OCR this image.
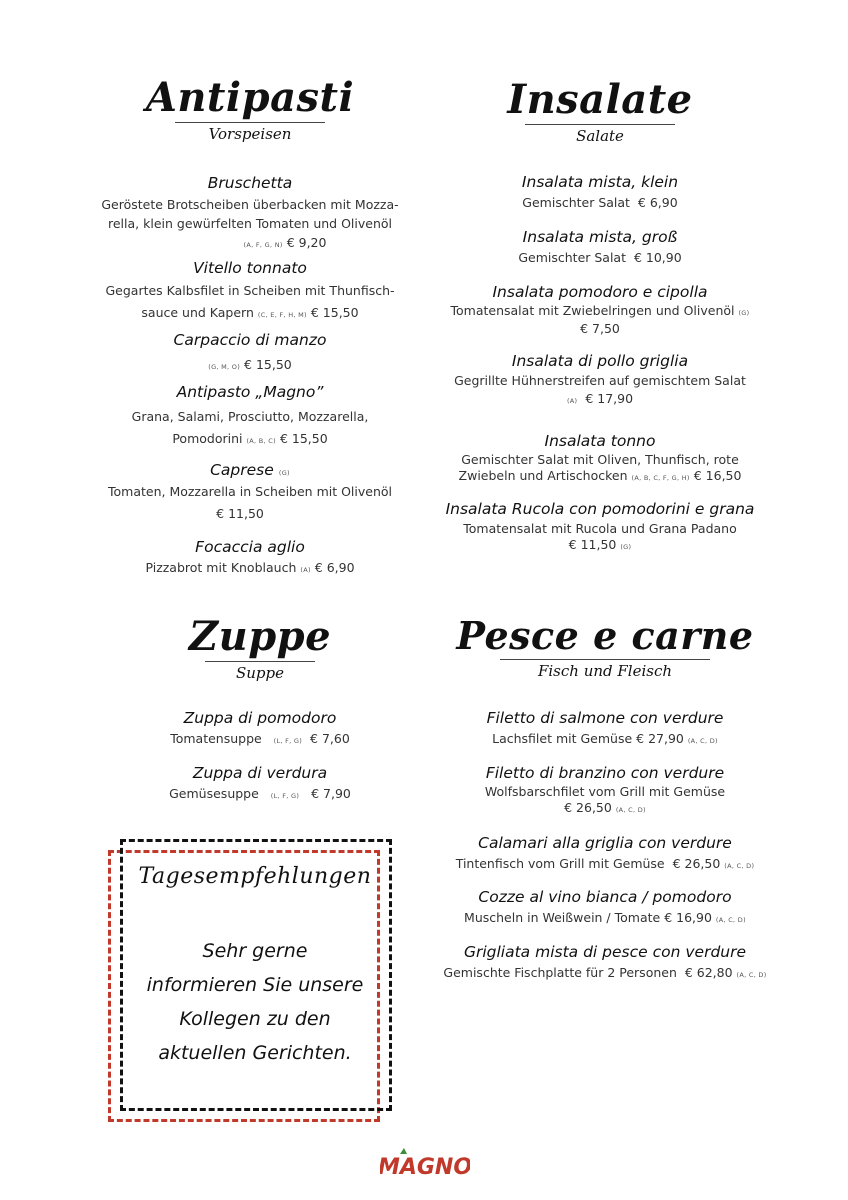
Antipasti
Vorspeisen
Bruschetta
Geröstete Brotscheiben überbacken mit Mozza-
rella, klein gewürfelten Tomaten und Olivenöl
(A, F, G, N) € 9,20
Vitello tonnato
Gegartes Kalbsfilet in Scheiben mit Thunfisch-
sauce und Kapern (C, E, F, H, M) € 15,50
Carpaccio di manzo
(G, M, O) € 15,50
Antipasto „Magno”
Grana, Salami, Prosciutto, Mozzarella,
Pomodorini (A, B, C) € 15,50
Caprese (G)
Tomaten, Mozzarella in Scheiben mit Olivenöl
€ 11,50
Focaccia aglio
Pizzabrot mit Knoblauch (A) € 6,90
Insalate
Salate
Insalata mista, klein
Gemischter Salat € 6,90
Insalata mista, groß
Gemischter Salat € 10,90
Insalata pomodoro e cipolla
Tomatensalat mit Zwiebelringen und Olivenöl (G)
€ 7,50
Insalata di pollo griglia
Gegrillte Hühnerstreifen auf gemischtem Salat
(A) € 17,90
Insalata tonno
Gemischter Salat mit Oliven, Thunfisch, rote
Zwiebeln und Artischocken (A, B, C, F, G, H) € 16,50
Insalata Rucola con pomodorini e grana
Tomatensalat mit Rucola und Grana Padano
€ 11,50 (G)
Zuppe
Suppe
Zuppa di pomodoro
Tomatensuppe (L, F, G) € 7,60
Zuppa di verdura
Gemüsesuppe (L, F, G) € 7,90
Pesce e carne
Fisch und Fleisch
Filetto di salmone con verdure
Lachsfilet mit Gemüse € 27,90 (A, C, D)
Filetto di branzino con verdure
Wolfsbarschfilet vom Grill mit Gemüse
€ 26,50 (A, C, D)
Calamari alla griglia con verdure
Tintenfisch vom Grill mit Gemüse € 26,50 (A, C, D)
Cozze al vino bianca / pomodoro
Muscheln in Weißwein / Tomate € 16,90 (A, C, D)
Grigliata mista di pesce con verdure
Gemischte Fischplatte für 2 Personen € 62,80 (A, C, D)
Tagesempfehlungen
Sehr gerne
informieren Sie unsere
Kollegen zu den
aktuellen Gerichten.
MAGNO
